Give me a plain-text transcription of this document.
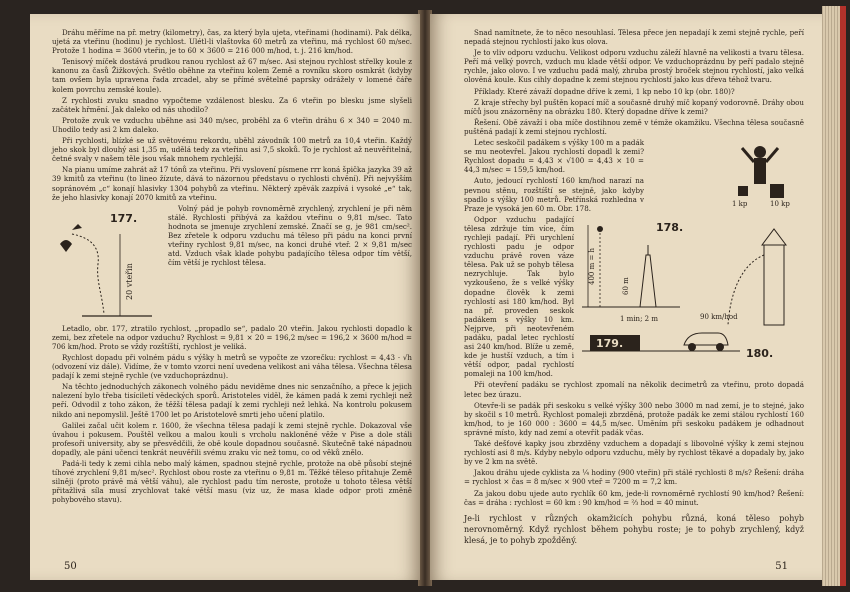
Dráhu měříme na př. metry (kilometry), čas, za který byla ujeta, vteřinami (hodinami). Pak délka, ujetá za vteřinu (hodinu) je rychlost. Ulétl-li vlaštovka 60 metrů za vteřinu, má rychlost 60 m/sec. Protože 1 hodina = 3600 vteřin, je to 60 × 3600 = 216 000 m/hod, t. j. 216 km/hod.

Tenisový míček dostává prudkou ranou rychlost až 67 m/sec. Asi stejnou rychlost střelky koule z kanonu za časů Žižkových. Světlo oběhne za vteřinu kolem Země a rovníku skoro osmkrát (kdyby tam ovšem byla upravena řada zrcadel, aby se přímé světelné paprsky odrážely v lomené čáře kolem povrchu zemské koule).

Z rychlosti zvuku snadno vypočteme vzdálenost blesku. Za 6 vteřin po blesku jsme slyšeli začátek hřmění. Jak daleko od nás uhodilo?

Protože zvuk ve vzduchu uběhne asi 340 m/sec, proběhl za 6 vteřin dráhu 6 × 340 = 2040 m. Uhodilo tedy asi 2 km daleko.

Při rychlosti, blízké se už světovému rekordu, uběhl závodník 100 metrů za 10,4 vteřin. Každý jeho skok byl dlouhý asi 1,35 m, udělá tedy za vteřinu asi 7,5 skoků. To je rychlost až neuvěřitelná, četné svaly v našem těle jsou však mnohem rychlejší.

Na pianu umíme zahrát až 17 tónů za vteřinu. Při vyslovení písmene rrr koná špička jazyka 39 až 39 kmitů za vteřinu (to lineo žízute, dává to názornou představu o rychlosti chvění). Při nejvyšším sopránovém „c“ konají hlasivky 1304 pohybů za vteřinu. Některý zpěvák zazpívá i vysoké „e“ tak, že jeho hlasivky konají 2070 kmitů za vteřinu.

177.
20 vteřin

Volný pád je pohyb rovnoměrně zrychlený, zrychlení je při něm stálé. Rychlosti přibývá za každou vteřinu o 9,81 m/sec. Tato hodnota se jmenuje zrychlení zemské. Značí se g, je 981 cm/sec². Bez zřetele k odporu vzduchu má těleso při pádu na konci první vteřiny rychlost 9,81 m/sec, na konci druhé vteř. 2 × 9,81 m/sec atd. Vzduch však klade pohybu padajícího tělesa odpor tím větší, čím větší je rychlost tělesa.

Letadlo, obr. 177, ztratilo rychlost, „propadlo se“, padalo 20 vteřin. Jakou rychlosti dopadlo k zemi, bez zřetele na odpor vzduchu? Rychlost = 9,81 × 20 = 196,2 m/sec = 196,2 × 3600 m/hod = 706 km/hod. Proto se vždy rozštíští, rychlost je veliká.

Rychlost dopadu při volném pádu s výšky h metrů se vypočte ze vzorečku: rychlost = 4,43 · √h (odvození viz dále). Vidíme, že v tomto vzorci není uvedena velikost ani váha tělesa. Všechna tělesa padají k zemi stejně rychle (ve vzduchoprázdnu).

Na těchto jednoduchých zákonech volného pádu neviděme dnes nic senzačního, a přece k jejich nalezení bylo třeba tisíciletí vědeckých sporů. Aristoteles viděl, že kámen padá k zemi rychleji než peří. Odvodil z toho zákon, že těžší tělesa padají k zemi rychleji než lehká. Na kontrolu pokusem nikdo ani nepomyslil. Ještě 1700 let po Aristotelově smrti jeho učení platilo.

Galilei začal učit kolem r. 1600, že všechna tělesa padají k zemi stejně rychle. Dokazoval vše úvahou i pokusem. Pouštěl velkou a malou kouli s vrcholu nakloněné věže v Pise a dole stáli profesoři university, aby se přesvědčili, že obě koule dopadnou současně. Skutečně také nápadnou dopadly, ale páni učenci tenkrát neuvěřili svému zraku víc než tomu, co od věků znělo.

Padá-li tedy k zemi cihla nebo malý kámen, spadnou stejně rychle, protože na obě působí stejné tíhové zrychlení 9,81 m/sec². Rychlost obou roste za vteřinu o 9,81 m. Těžké těleso přitahuje Země silněji (proto právě má větší váhu), ale rychlost padu tím neroste, protože u tohoto tělesa větší přitažlivá síla musí zrychlovat také větší masu (viz uz, že masa klade odpor proti změně pohybového stavu).

50

Snad namítnete, že to něco nesouhlasí. Tělesa přece jen nepadají k zemi stejně rychle, peří nepadá stejnou rychlostí jako kus olova.

Je to vliv odporu vzduchu. Velikost odporu vzduchu záleží hlavně na velikosti a tvaru tělesa. Peří má velký povrch, vzduch mu klade větší odpor. Ve vzduchoprázdnu by peří padalo stejně rychle, jako olovo. I ve vzduchu padá malý, zhruba prostý broček stejnou rychlostí, jako velká olověná koule. Kus cihly dopadne k zemi stejnou rychlostí jako kus dřeva téhož tvaru.

Příklady. Které závaží dopadne dříve k zemi, 1 kp nebo 10 kp (obr. 180)?

Z kraje střechy byl puštěn kopací míč a současně druhý míč kopaný vodorovně. Dráhy obou míčů jsou znázorněny na obrázku 180. Který dopadne dříve k zemi?

Řešení. Obě závaží i oba míče dostihnou země v témže okamžiku. Všechna tělesa současně puštěná padají k zemi stejnou rychlostí.

Letec seskočil padákem s výšky 100 m a padák se mu neotevřel. Jakou rychlostí dopadl k zemi? Rychlost dopadu = 4,43 × √100 = 4,43 × 10 = 44,3 m/sec = 159,5 km/hod.

Auto, jedoucí rychlostí 160 km/hod narazí na pevnou stěnu, rozštíští se stejně, jako kdyby spadlo s výšky 100 metrů. Petřínská rozhledna v Praze je vysoká jen 60 m. Obr. 178.	1 kp	10 kp

Odpor vzduchu padající tělesa zdržuje tím více, čím rychleji padají. Při urychlení rychlosti padu je odpor vzduchu právě roven váze tělesa. Pak už se pohyb tělesa nezrychluje. Tak bylo vyzkoušeno, že s velké výšky dopadne člověk k zemi rychlostí asi 180 km/hod. Byl na př. proveden seskok padákem s výšky 10 km. Nejprve, při neotevřeném padáku, padal letec rychlostí asi 240 km/hod. Blíže u země, kde je hustší vzduch, a tím i větší odpor, padal rychlostí pomaleji na 100 km/hod.

178.
400 m = h
60 m
1 min; 2 m	90 km/hod
179.
180.

Při otevření padáku se rychlost zpomalí na několik decimetrů za vteřinu, proto dopadá letec bez úrazu.

Otevře-li se padák při seskoku s velké výšky 300 nebo 3000 m nad zemí, je to stejné, jako by skočil s 10 metrů. Rychlost pomaleji zbrzděná, protože padák ke zemi stálou rychlostí 160 km/hod, to je 160 000 : 3600 = 44,5 m/sec. Uměním při seskoku padákem je odhadnout správné místo, kdy nad zemí a otevřít padák včas.

Také dešťové kapky jsou zbrzděny vzduchem a dopadají s libovolné výšky k zemi stejnou rychlostí asi 8 m/s. Kdyby nebylo odporu vzduchu, měly by rychlost těkavé a dopadaly by, jako by ve 2 km na světě.

Jakou dráhu ujede cyklista za ¼ hodiny (900 vteřin) při stálé rychlosti 8 m/s? Řešení: dráha = rychlost × čas = 8 m/sec × 900 vteř = 7200 m = 7,2 km.

Za jakou dobu ujede auto rychlík 60 km, jede-li rovnoměrně rychlostí 90 km/hod? Řešení: čas = dráha : rychlost = 60 km : 90 km/hod = ⅔ hod = 40 minut.

Je-li rychlost v různých okamžicích pohybu různá, koná těleso pohyb nerovnoměrný. Když rychlost během pohybu roste; je to pohyb zrychlený, když klesá, je to pohyb zpožděný.
51
